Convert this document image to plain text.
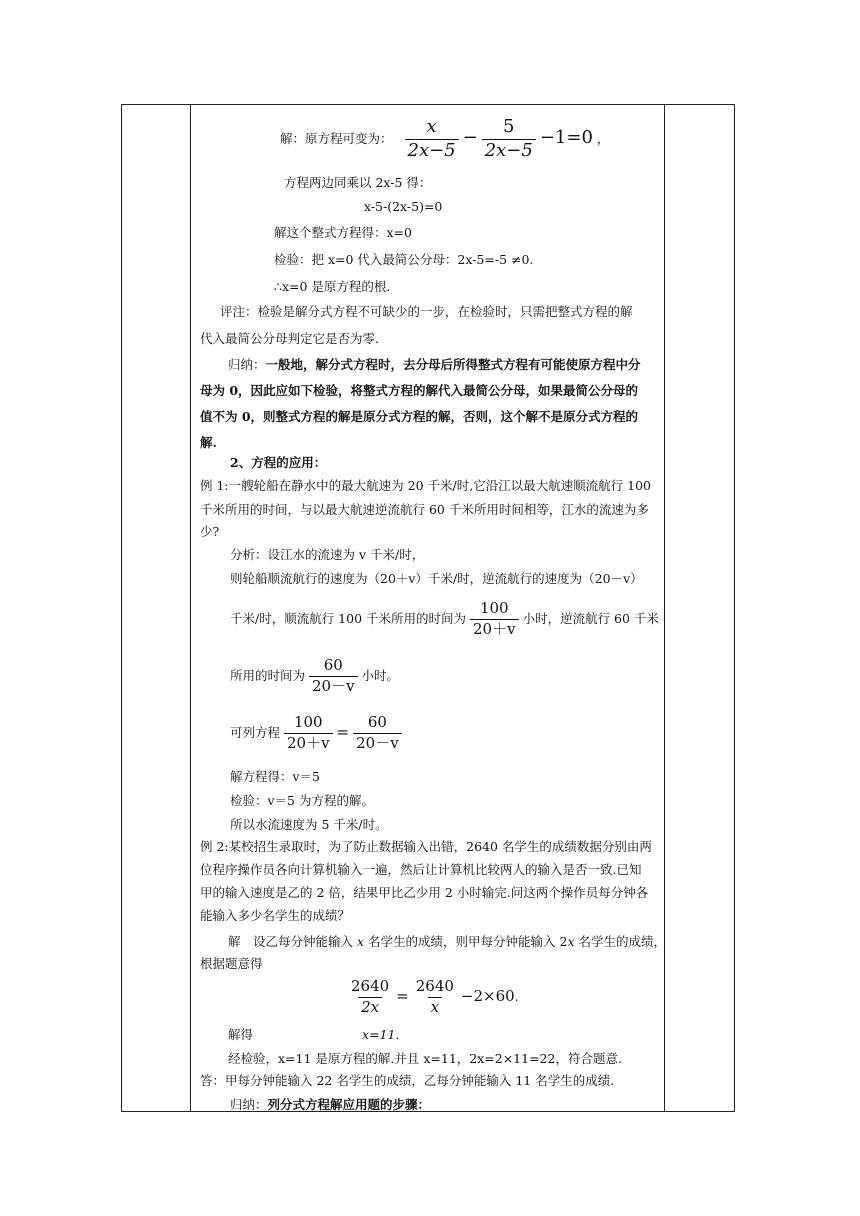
解：原方程可变为： $\frac{x}{2x-5} - \frac{5}{2x-5} -1=0$ ，
方程两边同乘以 2x-5 得：
x-5-(2x-5)=0
解这个整式方程得：x=0
检验：把 x=0 代入最简公分母：2x-5=-5 ≠0.
∴x=0 是原方程的根.
评注：检验是解分式方程不可缺少的一步，在检验时，只需把整式方程的解
代入最简公分母判定它是否为零.
归纳：一般地，解分式方程时，去分母后所得整式方程有可能使原方程中分
母为 0，因此应如下检验，将整式方程的解代入最简公分母，如果最简公分母的
值不为 0，则整式方程的解是原分式方程的解，否则，这个解不是原分式方程的
解.
2、方程的应用：
例 1:一艘轮船在静水中的最大航速为 20 千米/时,它沿江以最大航速顺流航行 100
千米所用的时间，与以最大航速逆流航行 60 千米所用时间相等，江水的流速为多
少?
分析：设江水的流速为 v 千米/时，
则轮船顺流航行的速度为（20＋v）千米/时，逆流航行的速度为（20－v）
千米/时，顺流航行 100 千米所用的时间为 $\frac{100}{20+v}$ 小时，逆流航行 60 千米
所用的时间为 $\frac{60}{20-v}$ 小时。
可列方程 $\frac{100}{20+v} = \frac{60}{20-v}$
解方程得：v＝5
检验：v＝5 为方程的解。
所以水流速度为 5 千米/时。
例 2:某校招生录取时，为了防止数据输入出错，2640 名学生的成绩数据分别由两
位程序操作员各向计算机输入一遍，然后让计算机比较两人的输入是否一致.已知
甲的输入速度是乙的 2 倍，结果甲比乙少用 2 小时输完.问这两个操作员每分钟各
能输入多少名学生的成绩？
解　设乙每分钟能输入 x 名学生的成绩，则甲每分钟能输入 2x 名学生的成绩，
根据题意得
$\frac{2640}{2x} = \frac{2640}{x} -2\times 60$.
解得	x=11.
经检验，x=11 是原方程的解.并且 x=11，2x=2×11=22，符合题意.
答：甲每分钟能输入 22 名学生的成绩，乙每分钟能输入 11 名学生的成绩.
归纳：列分式方程解应用题的步骤：
